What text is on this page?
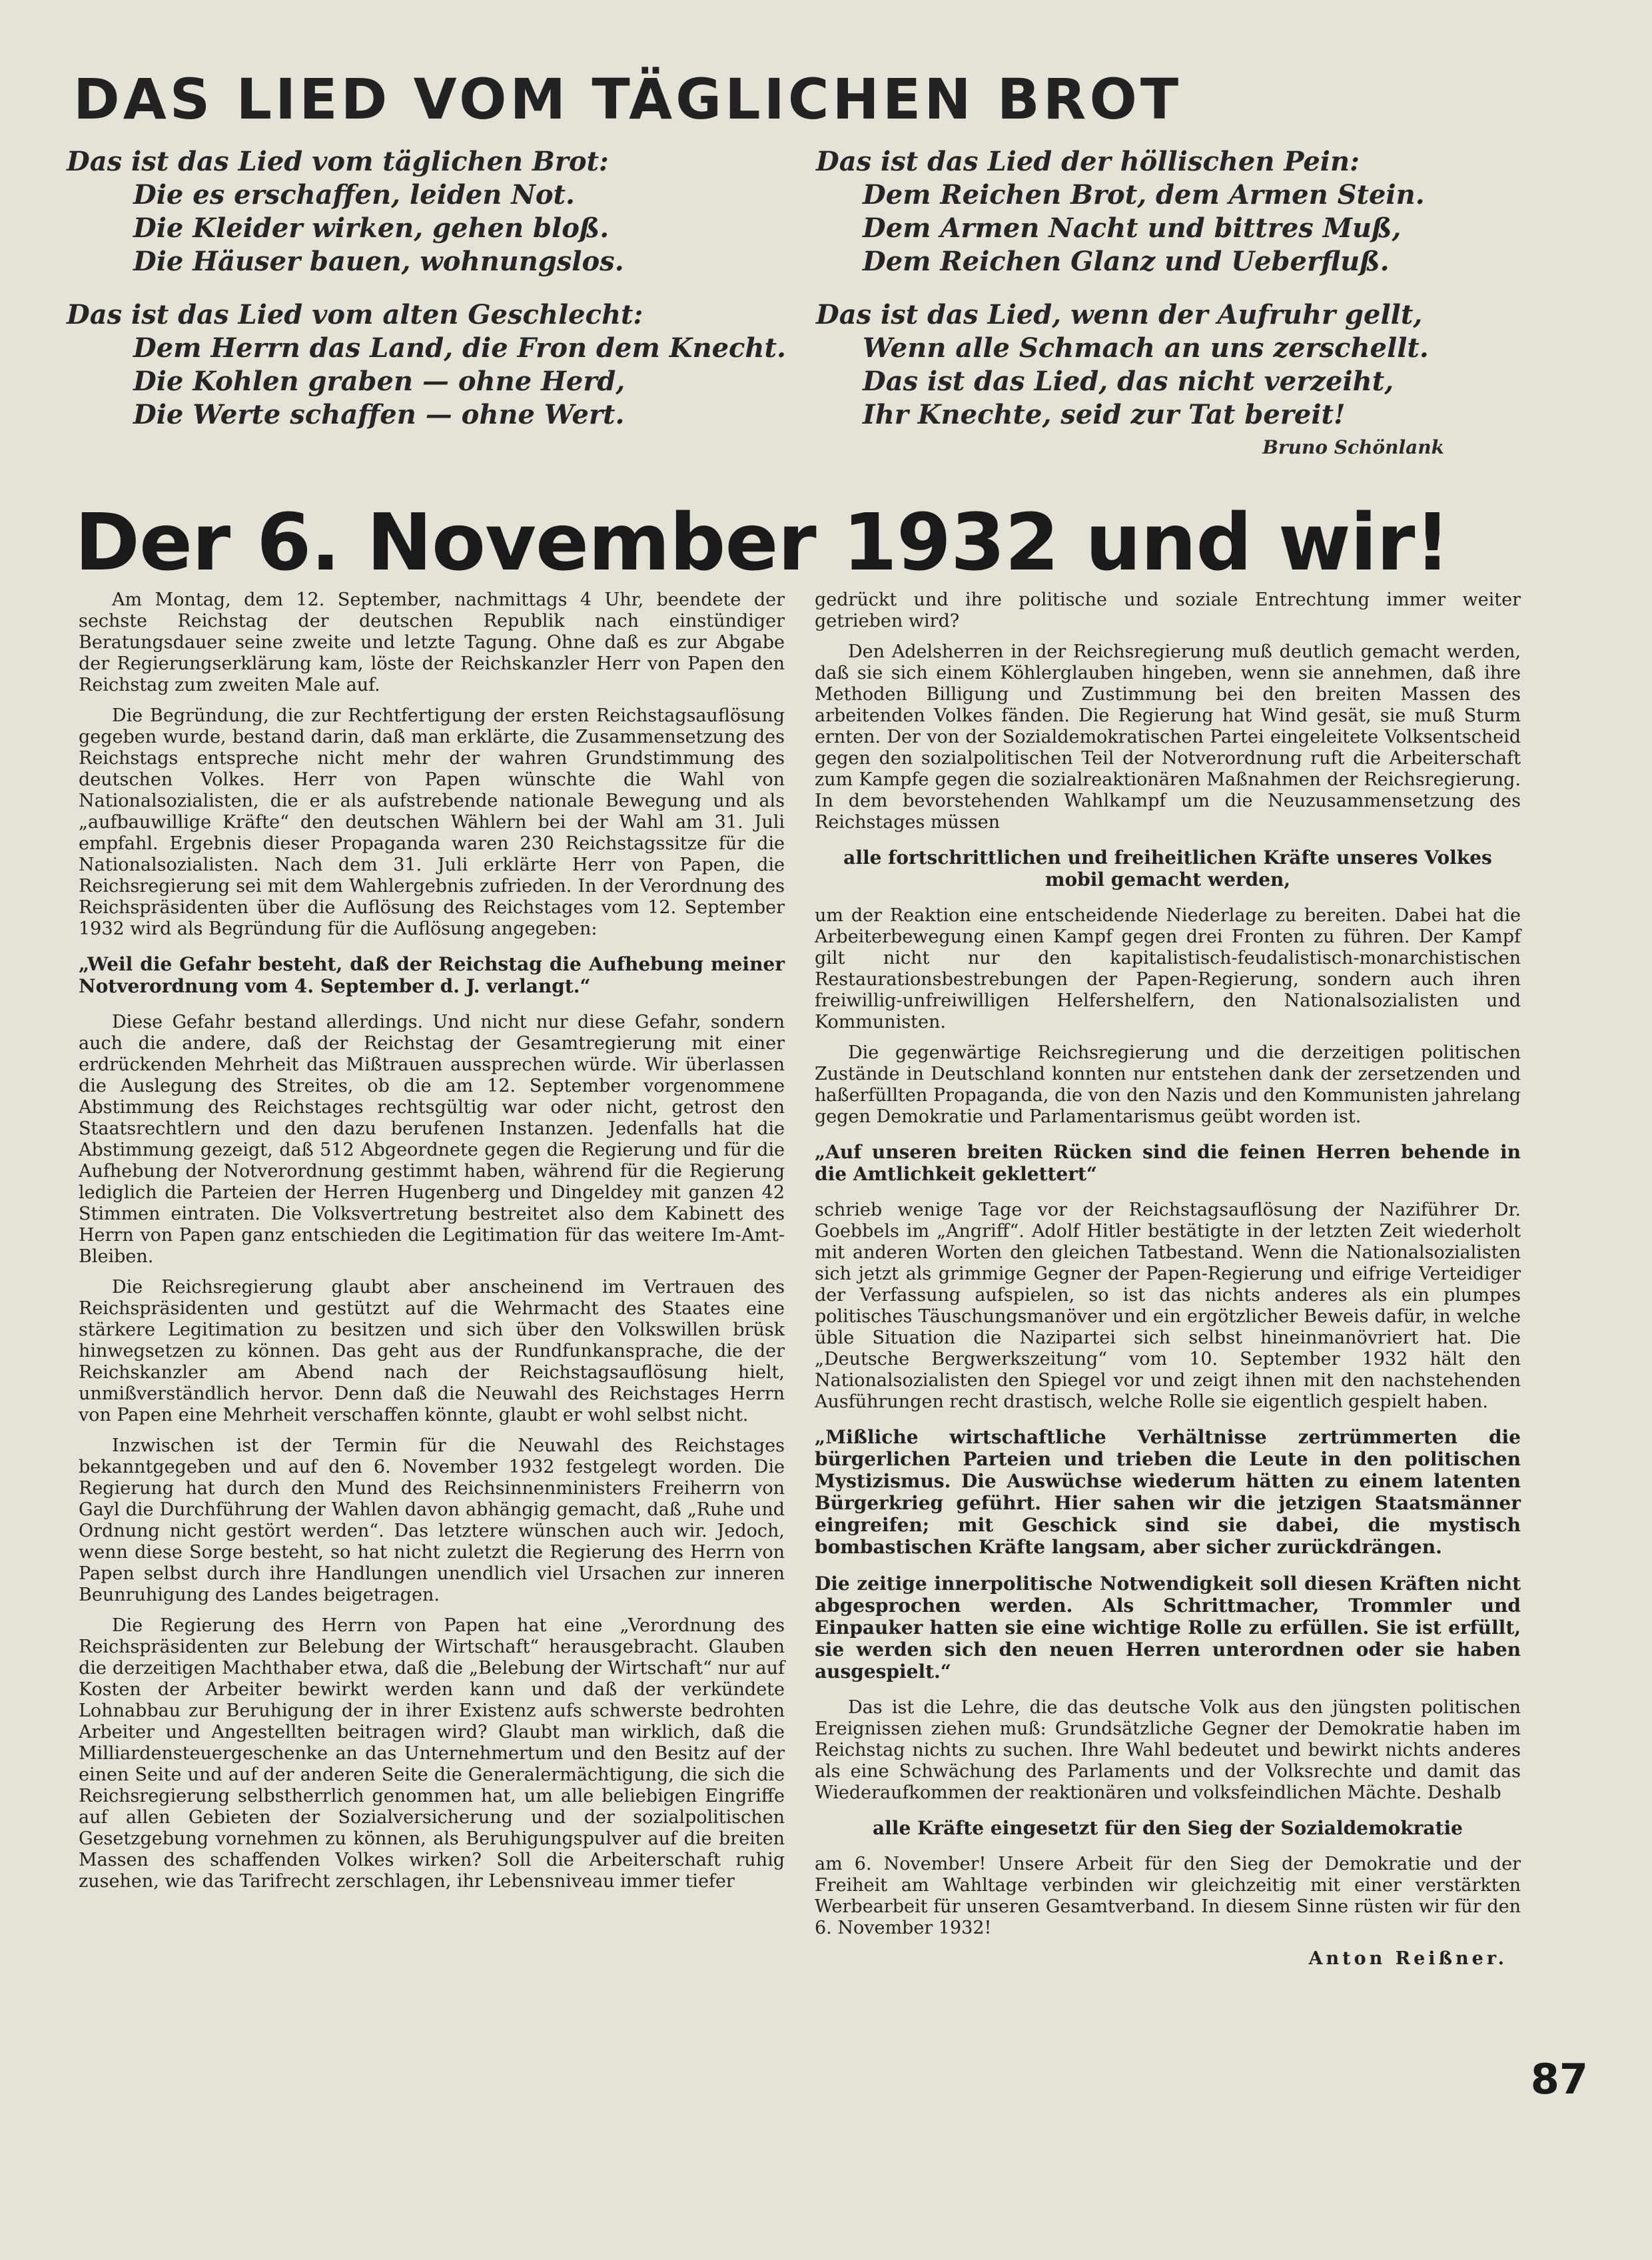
DAS LIED VOM TÄGLICHEN BROT
Das ist das Lied vom täglichen Brot:
Die es erschaffen, leiden Not.
Die Kleider wirken, gehen bloß.
Die Häuser bauen, wohnungslos.
Das ist das Lied der höllischen Pein:
Dem Reichen Brot, dem Armen Stein.
Dem Armen Nacht und bittres Muß,
Dem Reichen Glanz und Ueberfluß.
Das ist das Lied vom alten Geschlecht:
Dem Herrn das Land, die Fron dem Knecht.
Die Kohlen graben — ohne Herd,
Die Werte schaffen — ohne Wert.
Das ist das Lied, wenn der Aufruhr gellt,
Wenn alle Schmach an uns zerschellt.
Das ist das Lied, das nicht verzeiht,
Ihr Knechte, seid zur Tat bereit!
Bruno Schönlank
Der 6. November 1932 und wir!

Am Montag, dem 12. September, nachmittags 4 Uhr, beendete der sechste Reichstag der deutschen Republik nach einstündiger Beratungsdauer seine zweite und letzte Tagung. Ohne daß es zur Abgabe der Regierungserklärung kam, löste der Reichskanzler Herr von Papen den Reichstag zum zweiten Male auf.

Die Begründung, die zur Rechtfertigung der ersten Reichstagsauflösung gegeben wurde, bestand darin, daß man erklärte, die Zusammensetzung des Reichstags entspreche nicht mehr der wahren Grundstimmung des deutschen Volkes. Herr von Papen wünschte die Wahl von Nationalsozialisten, die er als aufstrebende nationale Bewegung und als „aufbauwillige Kräfte“ den deutschen Wählern bei der Wahl am 31. Juli empfahl. Ergebnis dieser Propaganda waren 230 Reichstagssitze für die Nationalsozialisten. Nach dem 31. Juli erklärte Herr von Papen, die Reichsregierung sei mit dem Wahlergebnis zufrieden. In der Verordnung des Reichspräsidenten über die Auflösung des Reichstages vom 12. September 1932 wird als Begründung für die Auflösung angegeben:

„Weil die Gefahr besteht, daß der Reichstag die Aufhebung meiner Notverordnung vom 4. September d. J. verlangt.“

Diese Gefahr bestand allerdings. Und nicht nur diese Gefahr, sondern auch die andere, daß der Reichstag der Gesamtregierung mit einer erdrückenden Mehrheit das Mißtrauen aussprechen würde. Wir überlassen die Auslegung des Streites, ob die am 12. September vorgenommene Abstimmung des Reichstages rechtsgültig war oder nicht, getrost den Staatsrechtlern und den dazu berufenen Instanzen. Jedenfalls hat die Abstimmung gezeigt, daß 512 Abgeordnete gegen die Regierung und für die Aufhebung der Notverordnung gestimmt haben, während für die Regierung lediglich die Parteien der Herren Hugenberg und Dingeldey mit ganzen 42 Stimmen eintraten. Die Volksvertretung bestreitet also dem Kabinett des Herrn von Papen ganz entschieden die Legitimation für das weitere Im-Amt-Bleiben.

Die Reichsregierung glaubt aber anscheinend im Vertrauen des Reichspräsidenten und gestützt auf die Wehrmacht des Staates eine stärkere Legitimation zu besitzen und sich über den Volkswillen brüsk hinwegsetzen zu können. Das geht aus der Rundfunkansprache, die der Reichskanzler am Abend nach der Reichstagsauflösung hielt, unmißverständlich hervor. Denn daß die Neuwahl des Reichstages Herrn von Papen eine Mehrheit verschaffen könnte, glaubt er wohl selbst nicht.

Inzwischen ist der Termin für die Neuwahl des Reichstages bekanntgegeben und auf den 6. November 1932 festgelegt worden. Die Regierung hat durch den Mund des Reichsinnenministers Freiherrn von Gayl die Durchführung der Wahlen davon abhängig gemacht, daß „Ruhe und Ordnung nicht gestört werden“. Das letztere wünschen auch wir. Jedoch, wenn diese Sorge besteht, so hat nicht zuletzt die Regierung des Herrn von Papen selbst durch ihre Handlungen unendlich viel Ursachen zur inneren Beunruhigung des Landes beigetragen.

Die Regierung des Herrn von Papen hat eine „Verordnung des Reichspräsidenten zur Belebung der Wirtschaft“ herausgebracht. Glauben die derzeitigen Machthaber etwa, daß die „Belebung der Wirtschaft“ nur auf Kosten der Arbeiter bewirkt werden kann und daß der verkündete Lohnabbau zur Beruhigung der in ihrer Existenz aufs schwerste bedrohten Arbeiter und Angestellten beitragen wird? Glaubt man wirklich, daß die Milliardensteuergeschenke an das Unternehmertum und den Besitz auf der einen Seite und auf der anderen Seite die Generalermächtigung, die sich die Reichsregierung selbstherrlich genommen hat, um alle beliebigen Eingriffe auf allen Gebieten der Sozialversicherung und der sozialpolitischen Gesetzgebung vornehmen zu können, als Beruhigungspulver auf die breiten Massen des schaffenden Volkes wirken? Soll die Arbeiterschaft ruhig zusehen, wie das Tarifrecht zerschlagen, ihr Lebensniveau immer tiefer

gedrückt und ihre politische und soziale Entrechtung immer weiter getrieben wird?

Den Adelsherren in der Reichsregierung muß deutlich gemacht werden, daß sie sich einem Köhlerglauben hingeben, wenn sie annehmen, daß ihre Methoden Billigung und Zustimmung bei den breiten Massen des arbeitenden Volkes fänden. Die Regierung hat Wind gesät, sie muß Sturm ernten. Der von der Sozialdemokratischen Partei eingeleitete Volksentscheid gegen den sozialpolitischen Teil der Notverordnung ruft die Arbeiterschaft zum Kampfe gegen die sozialreaktionären Maßnahmen der Reichsregierung. In dem bevorstehenden Wahlkampf um die Neuzusammensetzung des Reichstages müssen

alle fortschrittlichen und freiheitlichen Kräfte unseres Volkes mobil gemacht werden,

um der Reaktion eine entscheidende Niederlage zu bereiten. Dabei hat die Arbeiterbewegung einen Kampf gegen drei Fronten zu führen. Der Kampf gilt nicht nur den kapitalistisch-feudalistisch-monarchistischen Restaurationsbestrebungen der Papen-Regierung, sondern auch ihren freiwillig-unfreiwilligen Helfershelfern, den Nationalsozialisten und Kommunisten.

Die gegenwärtige Reichsregierung und die derzeitigen politischen Zustände in Deutschland konnten nur entstehen dank der zersetzenden und haßerfüllten Propaganda, die von den Nazis und den Kommunisten jahrelang gegen Demokratie und Parlamentarismus geübt worden ist.

„Auf unseren breiten Rücken sind die feinen Herren behende in die Amtlichkeit geklettert“

schrieb wenige Tage vor der Reichstagsauflösung der Naziführer Dr. Goebbels im „Angriff“. Adolf Hitler bestätigte in der letzten Zeit wiederholt mit anderen Worten den gleichen Tatbestand. Wenn die Nationalsozialisten sich jetzt als grimmige Gegner der Papen-Regierung und eifrige Verteidiger der Verfassung aufspielen, so ist das nichts anderes als ein plumpes politisches Täuschungsmanöver und ein ergötzlicher Beweis dafür, in welche üble Situation die Nazipartei sich selbst hineinmanövriert hat. Die „Deutsche Bergwerkszeitung“ vom 10. September 1932 hält den Nationalsozialisten den Spiegel vor und zeigt ihnen mit den nachstehenden Ausführungen recht drastisch, welche Rolle sie eigentlich gespielt haben.

„Mißliche wirtschaftliche Verhältnisse zertrümmerten die bürgerlichen Parteien und trieben die Leute in den politischen Mystizismus. Die Auswüchse wiederum hätten zu einem latenten Bürgerkrieg geführt. Hier sahen wir die jetzigen Staatsmänner eingreifen; mit Geschick sind sie dabei, die mystisch bombastischen Kräfte langsam, aber sicher zurückdrängen.

Die zeitige innerpolitische Notwendigkeit soll diesen Kräften nicht abgesprochen werden. Als Schrittmacher, Trommler und Einpauker hatten sie eine wichtige Rolle zu erfüllen. Sie ist erfüllt, sie werden sich den neuen Herren unterordnen oder sie haben ausgespielt.“

Das ist die Lehre, die das deutsche Volk aus den jüngsten politischen Ereignissen ziehen muß: Grundsätzliche Gegner der Demokratie haben im Reichstag nichts zu suchen. Ihre Wahl bedeutet und bewirkt nichts anderes als eine Schwächung des Parlaments und der Volksrechte und damit das Wiederaufkommen der reaktionären und volksfeindlichen Mächte. Deshalb

alle Kräfte eingesetzt für den Sieg der Sozialdemokratie

am 6. November! Unsere Arbeit für den Sieg der Demokratie und der Freiheit am Wahltage verbinden wir gleichzeitig mit einer verstärkten Werbearbeit für unseren Gesamtverband. In diesem Sinne rüsten wir für den 6. November 1932!

Anton Reißner.

87
